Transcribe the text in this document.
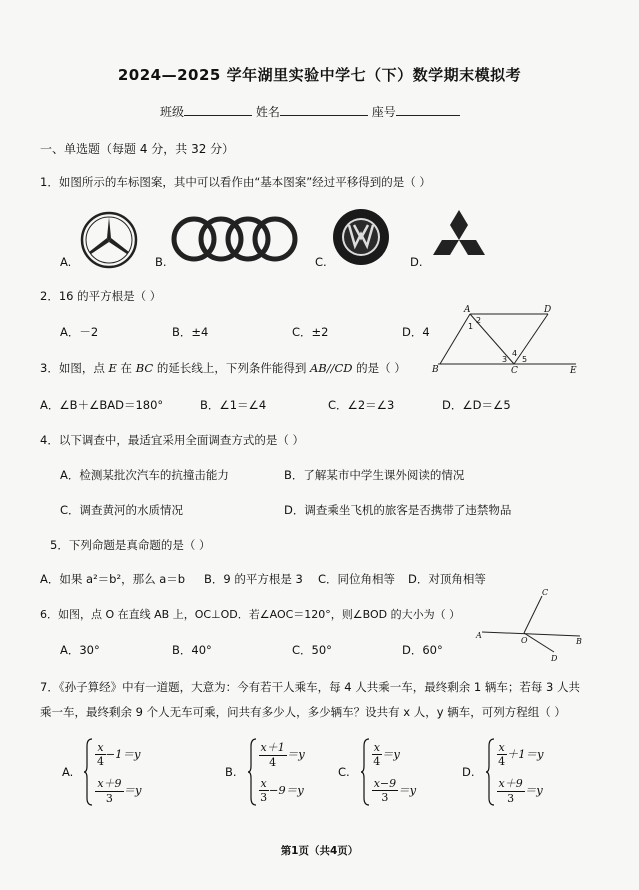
2024—2025 学年湖里实验中学七（下）数学期末模拟考
班级	姓名	座号
一、单选题（每题 4 分，共 32 分）
1．如图所示的车标图案，其中可以看作由“基本图案”经过平移得到的是（ ）
A.	B.	C.	D.
2．16 的平方根是（ ）
A．－2	B．±4	C．±2	D．4
A	D
B	C	E
1
2
3
4
5
3．如图，点 E 在 BC 的延长线上，下列条件能得到 AB//CD 的是（ ）
A．∠B＋∠BAD＝180°	B．∠1＝∠4	C．∠2＝∠3	D．∠D＝∠5
4．以下调查中，最适宜采用全面调查方式的是（ ）
A．检测某批次汽车的抗撞击能力	B．了解某市中学生课外阅读的情况
C．调查黄河的水质情况	D．调查乘坐飞机的旅客是否携带了违禁物品
5．下列命题是真命题的是（ ）
A．如果 a²＝b²，那么 a＝b B．9 的平方根是 3 C．同位角相等 D．对顶角相等
6．如图，点 O 在直线 AB 上，OC⊥OD．若∠AOC＝120°，则∠BOD 的大小为（ ）
A．30°	B．40°	C．50°	D．60°
C
A
O	B
D
7．《孙子算经》中有一道题，大意为：今有若干人乘车，每 4 人共乘一车，最终剩余 1 辆车；若每 3 人共
乘一车，最终剩余 9 个人无车可乘，问共有多少人，多少辆车？设共有 x 人，y 辆车，可列方程组（ ）
A.
$\frac{x}{4} -1=y$
$\frac{x+9}{3} =y$
B.
$\frac{x+1}{4} =y$
$\frac{x}{3} -9=y$
C.
$\frac{x}{4} =y$
$\frac{x-9}{3} =y$
D.
$\frac{x}{4} +1=y$
$\frac{x+9}{3} =y$
第1页（共4页）
